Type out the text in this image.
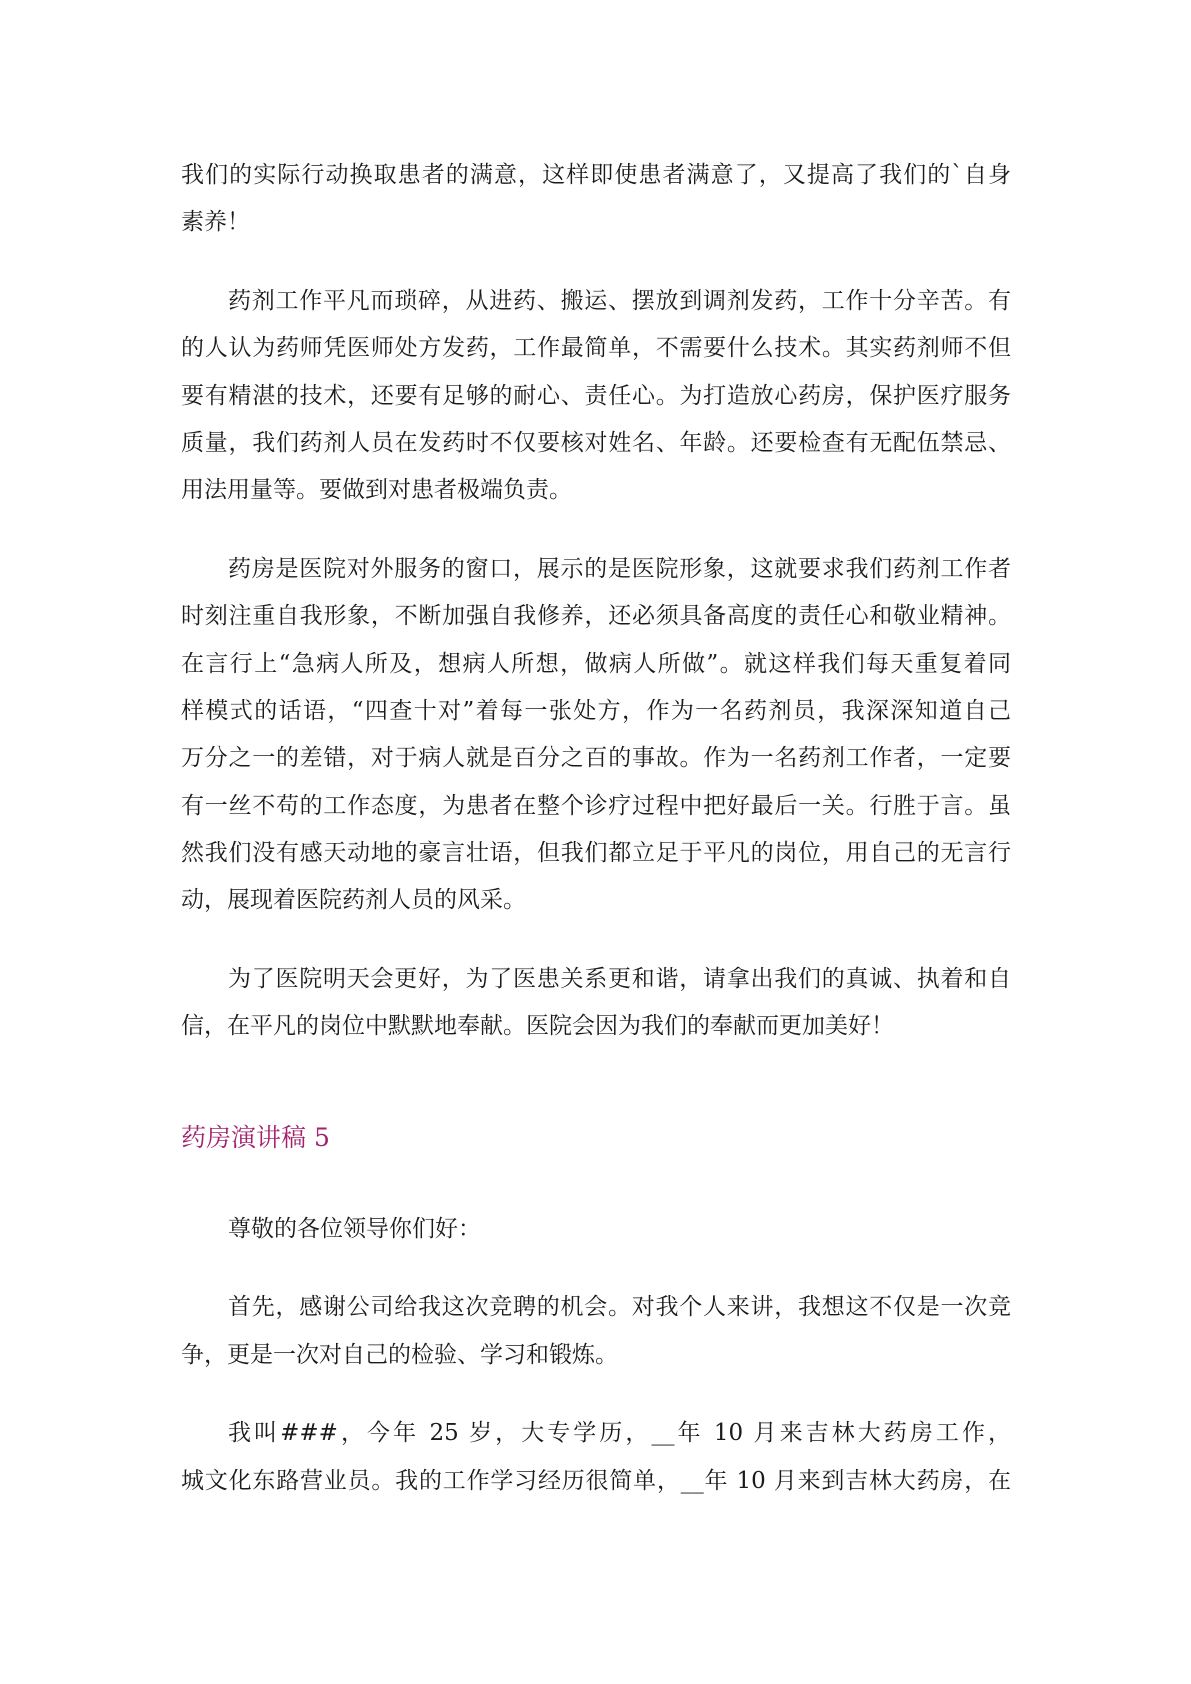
我们的实际行动换取患者的满意，这样即使患者满意了，又提高了我们的`自身
素养！
药剂工作平凡而琐碎，从进药、搬运、摆放到调剂发药，工作十分辛苦。有
的人认为药师凭医师处方发药，工作最简单，不需要什么技术。其实药剂师不但
要有精湛的技术，还要有足够的耐心、责任心。为打造放心药房，保护医疗服务
质量，我们药剂人员在发药时不仅要核对姓名、年龄。还要检查有无配伍禁忌、
用法用量等。要做到对患者极端负责。
药房是医院对外服务的窗口，展示的是医院形象，这就要求我们药剂工作者
时刻注重自我形象，不断加强自我修养，还必须具备高度的责任心和敬业精神。
在言行上“急病人所及，想病人所想，做病人所做”。就这样我们每天重复着同
样模式的话语，“四查十对”着每一张处方，作为一名药剂员，我深深知道自己
万分之一的差错，对于病人就是百分之百的事故。作为一名药剂工作者，一定要
有一丝不苟的工作态度，为患者在整个诊疗过程中把好最后一关。行胜于言。虽
然我们没有感天动地的豪言壮语，但我们都立足于平凡的岗位，用自己的无言行
动，展现着医院药剂人员的风采。
为了医院明天会更好，为了医患关系更和谐，请拿出我们的真诚、执着和自
信，在平凡的岗位中默默地奉献。医院会因为我们的奉献而更加美好！
药房演讲稿 5
尊敬的各位领导你们好：
首先，感谢公司给我这次竞聘的机会。对我个人来讲，我想这不仅是一次竞
争，更是一次对自己的检验、学习和锻炼。
我叫###，今年 25 岁，大专学历，__年 10 月来吉林大药房工作，
城文化东路营业员。我的工作学习经历很简单，__年 10 月来到吉林大药房，在
